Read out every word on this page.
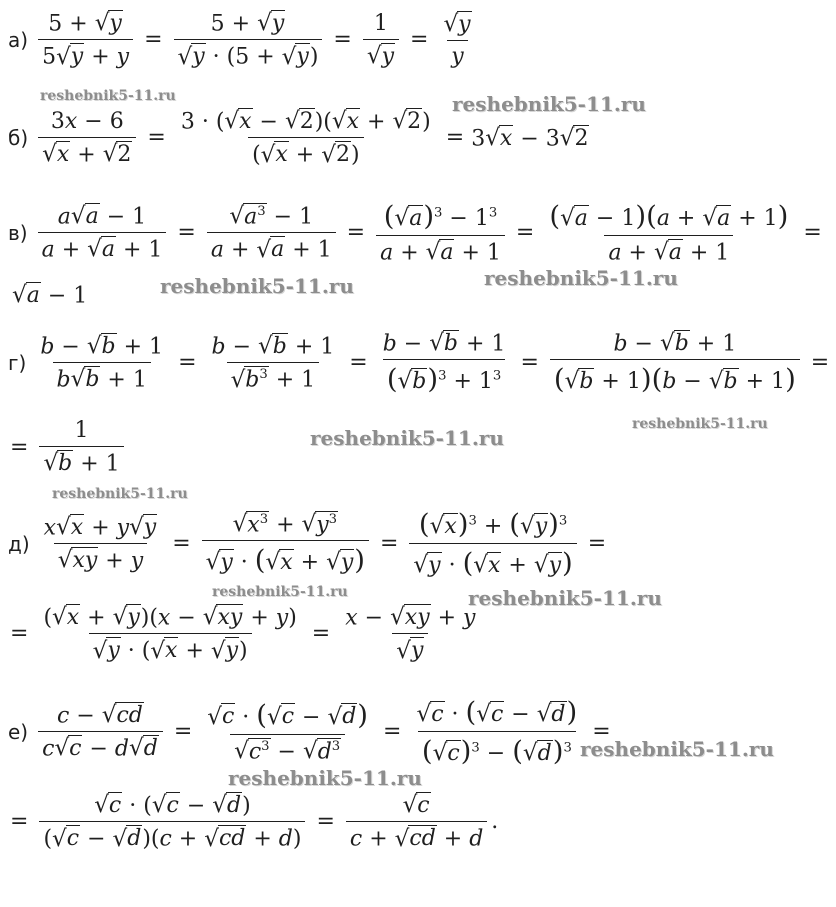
$а) \frac{5 + √ y}{5 √ y + y} = \frac{5 + √ y}{√ y \cdot (5 + √ y )} = \frac{1}{√ y} = \frac{√ y}{y}$
$б) \frac{3x - 6}{√ x + √ 2} = \frac{3 \cdot ( √ x - √ 2 )( √ x + √ 2 )}{( √ x + √ 2 )} = 3$ √ x − 3 √ 2
$в) \frac{a √ a - 1}{a + √ a + 1} = \frac{√ a^3 - 1}{a + √ a + 1} = \frac{( √ a )^3 - 1^3}{a + √ a + 1} = \frac{( √ a - 1)(a + √ a + 1)}{a + √ a + 1}$ =
√ a − 1
$г) \frac{b - √ b + 1}{b √ b + 1} = \frac{b - √ b + 1}{√ b^3 + 1} = \frac{b - √ b + 1}{( √ b )^3 + 1^3} = \frac{b - √ b + 1}{( √ b + 1)(b - √ b + 1)}$ =
= $\frac{1}{√ b + 1}$
$д) \frac{x √ x + y √ y}{√ xy + y} = \frac{√ x^3 + √ y^3}{√ y \cdot ( √ x + √ y )} = \frac{( √ x )^3 + ( √ y )^3}{√ y \cdot ( √ x + √ y )}$ =
= $\frac{( √ x + √ y )(x - √ xy + y)}{√ y \cdot ( √ x + √ y )} = \frac{x - √ xy + y}{√ y}$
$е) \frac{c - √ cd}{c √ c - d √ d} = \frac{√ c \cdot ( √ c - √ d )}{√ c^3 - √ d^3} = \frac{√ c \cdot ( √ c - √ d )}{( √ c )^3 - ( √ d )^3}$ =
= $\frac{√ c \cdot ( √ c - √ d )}{( √ c - √ d )(c + √ cd + d)} = \frac{√ c}{c + √ cd + d}$ .
reshebnik5-11.ru	reshebnik5-11.ru
reshebnik5-11.ru	reshebnik5-11.ru
reshebnik5-11.ru
reshebnik5-11.ru
reshebnik5-11.ru
reshebnik5-11.ru	reshebnik5-11.ru
reshebnik5-11.ru
reshebnik5-11.ru
